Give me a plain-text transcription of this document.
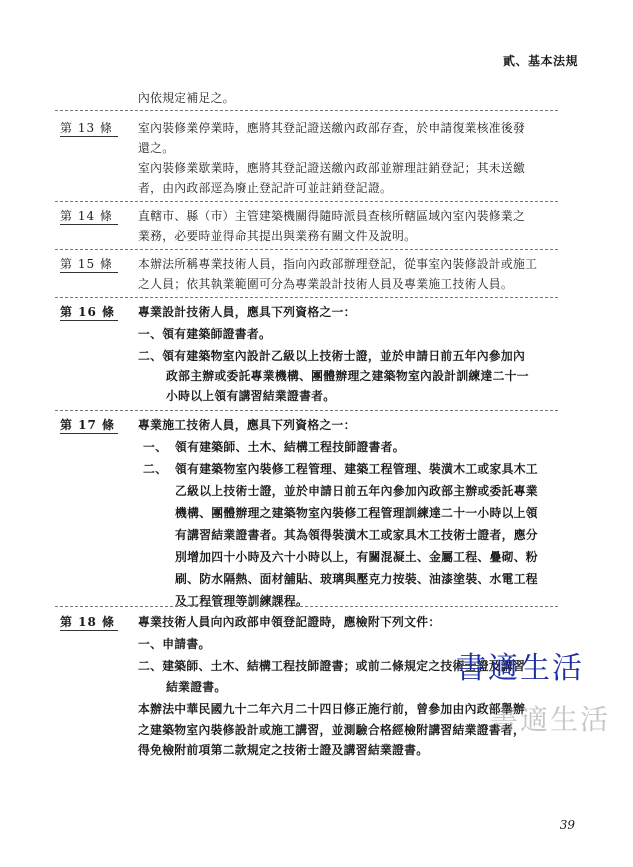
貳、基本法規
內依規定補足之。
第 13 條 室內裝修業停業時，應將其登記證送繳內政部存查，於申請復業核准後發
還之。
室內裝修業歇業時，應將其登記證送繳內政部並辦理註銷登記；其未送繳
者，由內政部逕為廢止登記許可並註銷登記證。
第 14 條 直轄市、縣（市）主管建築機關得隨時派員查核所轄區域內室內裝修業之
業務，必要時並得命其提出與業務有關文件及說明。
第 15 條 本辦法所稱專業技術人員，指向內政部辦理登記，從事室內裝修設計或施工
之人員；依其執業範圍可分為專業設計技術人員及專業施工技術人員。
第 16 條 專業設計技術人員，應具下列資格之一：
一、領有建築師證書者。
二、領有建築物室內設計乙級以上技術士證，並於申請日前五年內參加內
政部主辦或委託專業機構、團體辦理之建築物室內設計訓練達二十一
小時以上領有講習結業證書者。
第 17 條 專業施工技術人員，應具下列資格之一：
一、 領有建築師、土木、結構工程技師證書者。
二、 領有建築物室內裝修工程管理、建築工程管理、裝潢木工或家具木工
乙級以上技術士證，並於申請日前五年內參加內政部主辦或委託專業
機構、團體辦理之建築物室內裝修工程管理訓練達二十一小時以上領
有講習結業證書者。其為領得裝潢木工或家具木工技術士證者，應分
別增加四十小時及六十小時以上，有關混凝土、金屬工程、疊砌、粉
刷、防水隔熱、面材舖貼、玻璃與壓克力按裝、油漆塗裝、水電工程
及工程管理等訓練課程。
第 18 條 專業技術人員向內政部申領登記證時，應檢附下列文件：
一、申請書。
二、建築師、土木、結構工程技師證書；或前二條規定之技術士證及講習
結業證書。
本辦法中華民國九十二年六月二十四日修正施行前，曾參加由內政部舉辦
之建築物室內裝修設計或施工講習，並測驗合格經檢附講習結業證書者，
得免檢附前項第二款規定之技術士證及講習結業證書。
書適生活
書適生活
39
